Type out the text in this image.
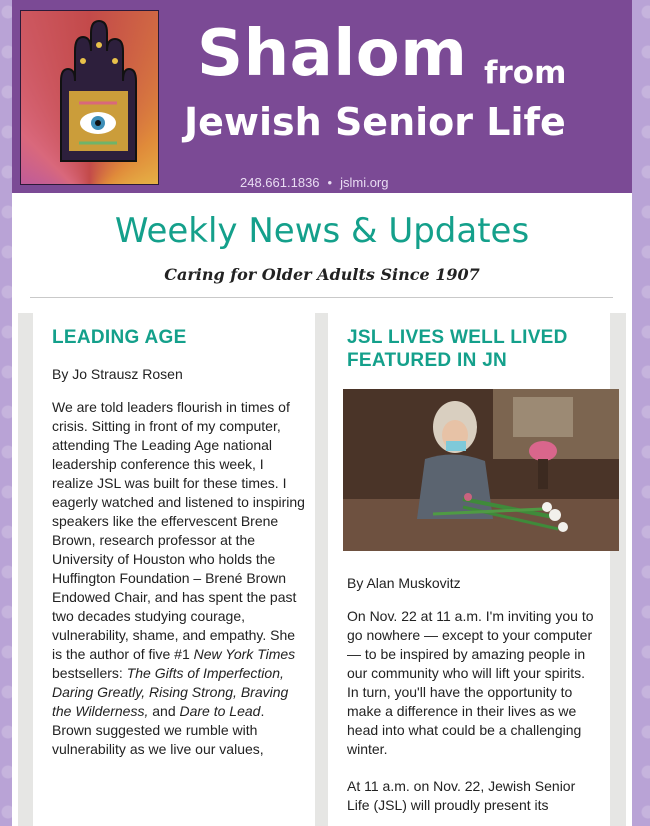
Shalom from
Jewish Senior Life
248.661.1836 • jslmi.org
Weekly News & Updates
Caring for Older Adults Since 1907
LEADING AGE
By Jo Strausz Rosen
We are told leaders flourish in times of crisis. Sitting in front of my computer, attending The Leading Age national leadership conference this week, I realize JSL was built for these times. I eagerly watched and listened to inspiring speakers like the effervescent Brene Brown, research professor at the University of Houston who holds the Huffington Foundation – Brené Brown Endowed Chair, and has spent the past two decades studying courage, vulnerability, shame, and empathy. She is the author of five #1 New York Times bestsellers: The Gifts of Imperfection, Daring Greatly, Rising Strong, Braving the Wilderness, and Dare to Lead. Brown suggested we rumble with vulnerability as we live our values,
JSL LIVES WELL LIVED FEATURED IN JN
By Alan Muskovitz
On Nov. 22 at 11 a.m. I'm inviting you to go nowhere — except to your computer — to be inspired by amazing people in our community who will lift your spirits. In turn, you'll have the opportunity to make a difference in their lives as we head into what could be a challenging winter.
At 11 a.m. on Nov. 22, Jewish Senior Life (JSL) will proudly present its
